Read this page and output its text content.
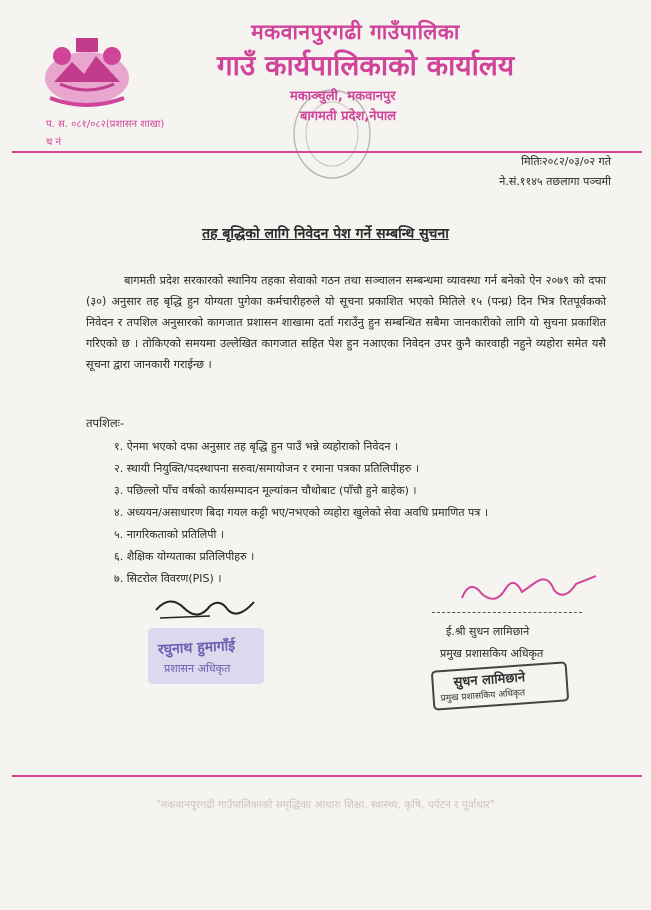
मकवानपुरगढी गाउँपालिका
गाउँ कार्यपालिकाको कार्यालय
मकाञ्चुली, मकवानपुर
बागमती प्रदेश,नेपाल
प. स. ०८१/०८२(प्रशासन शाखा)
च नं
मितिः२०८२/०३/०२ गते
ने.सं.११४५ तछलागा पञ्चमी
तह बृद्धिको लागि निवेदन पेश गर्ने सम्बन्धि सुचना
बागमती प्रदेश सरकारको स्थानिय तहका सेवाको गठन तथा सञ्चालन सम्बन्धमा व्यावस्था गर्न बनेको ऐन २०७९ को दफा (३०) अनुसार तह बृद्धि हुन योग्यता पुगेका कर्मचारीहरुले यो सूचना प्रकाशित भएको मितिले १५ (पन्ध्र) दिन भित्र रितपूर्वकको निवेदन र तपशिल अनुसारको कागजात प्रशासन शाखामा दर्ता गराउँनु हुन सम्बन्धित सबैमा जानकारीको लागि यो सुचना प्रकाशित गरिएको छ । तोकिएको समयमा उल्लेखित कागजात सहित पेश हुन नआएका निवेदन उपर कुनै कारवाही नहुने व्यहोरा समेत यसै सूचना द्वारा जानकारी गराईन्छ ।
तपशिलः-
१. ऐनमा भएको दफा अनुसार तह बृद्धि हुन पाउँ भन्ने व्यहोराको निवेदन ।
२. स्थायी नियुक्ति/पदस्थापना सरुवा/समायोजन र रमाना पत्रका प्रतिलिपीहरु ।
३. पछिल्लो पाँच वर्षको कार्यसम्पादन मूल्यांकन चौथोबाट (पाँचौ हुने बाहेक) ।
४. अध्ययन/असाधारण बिदा गयल कट्टी भए/नभएको व्यहोरा खुलेको सेवा अवधि प्रमाणित पत्र ।
५. नागरिकताको प्रतिलिपी ।
६. शैक्षिक योग्यताका प्रतिलिपीहरु ।
७. सिटरोल विवरण(PIS) ।
रघुनाथ हुमागाँई
प्रशासन अधिकृत
ई.श्री सुधन लामिछाने
प्रमुख प्रशासकिय अधिकृत
सुधन लामिछाने
प्रमुख प्रशासकिय अधिकृत
"मकवानपुरगढी गाउँपालिकाको समृद्धिका आधारः शिक्षा, स्वास्थ्य, कृषि, पर्यटन र पूर्वाधार"
